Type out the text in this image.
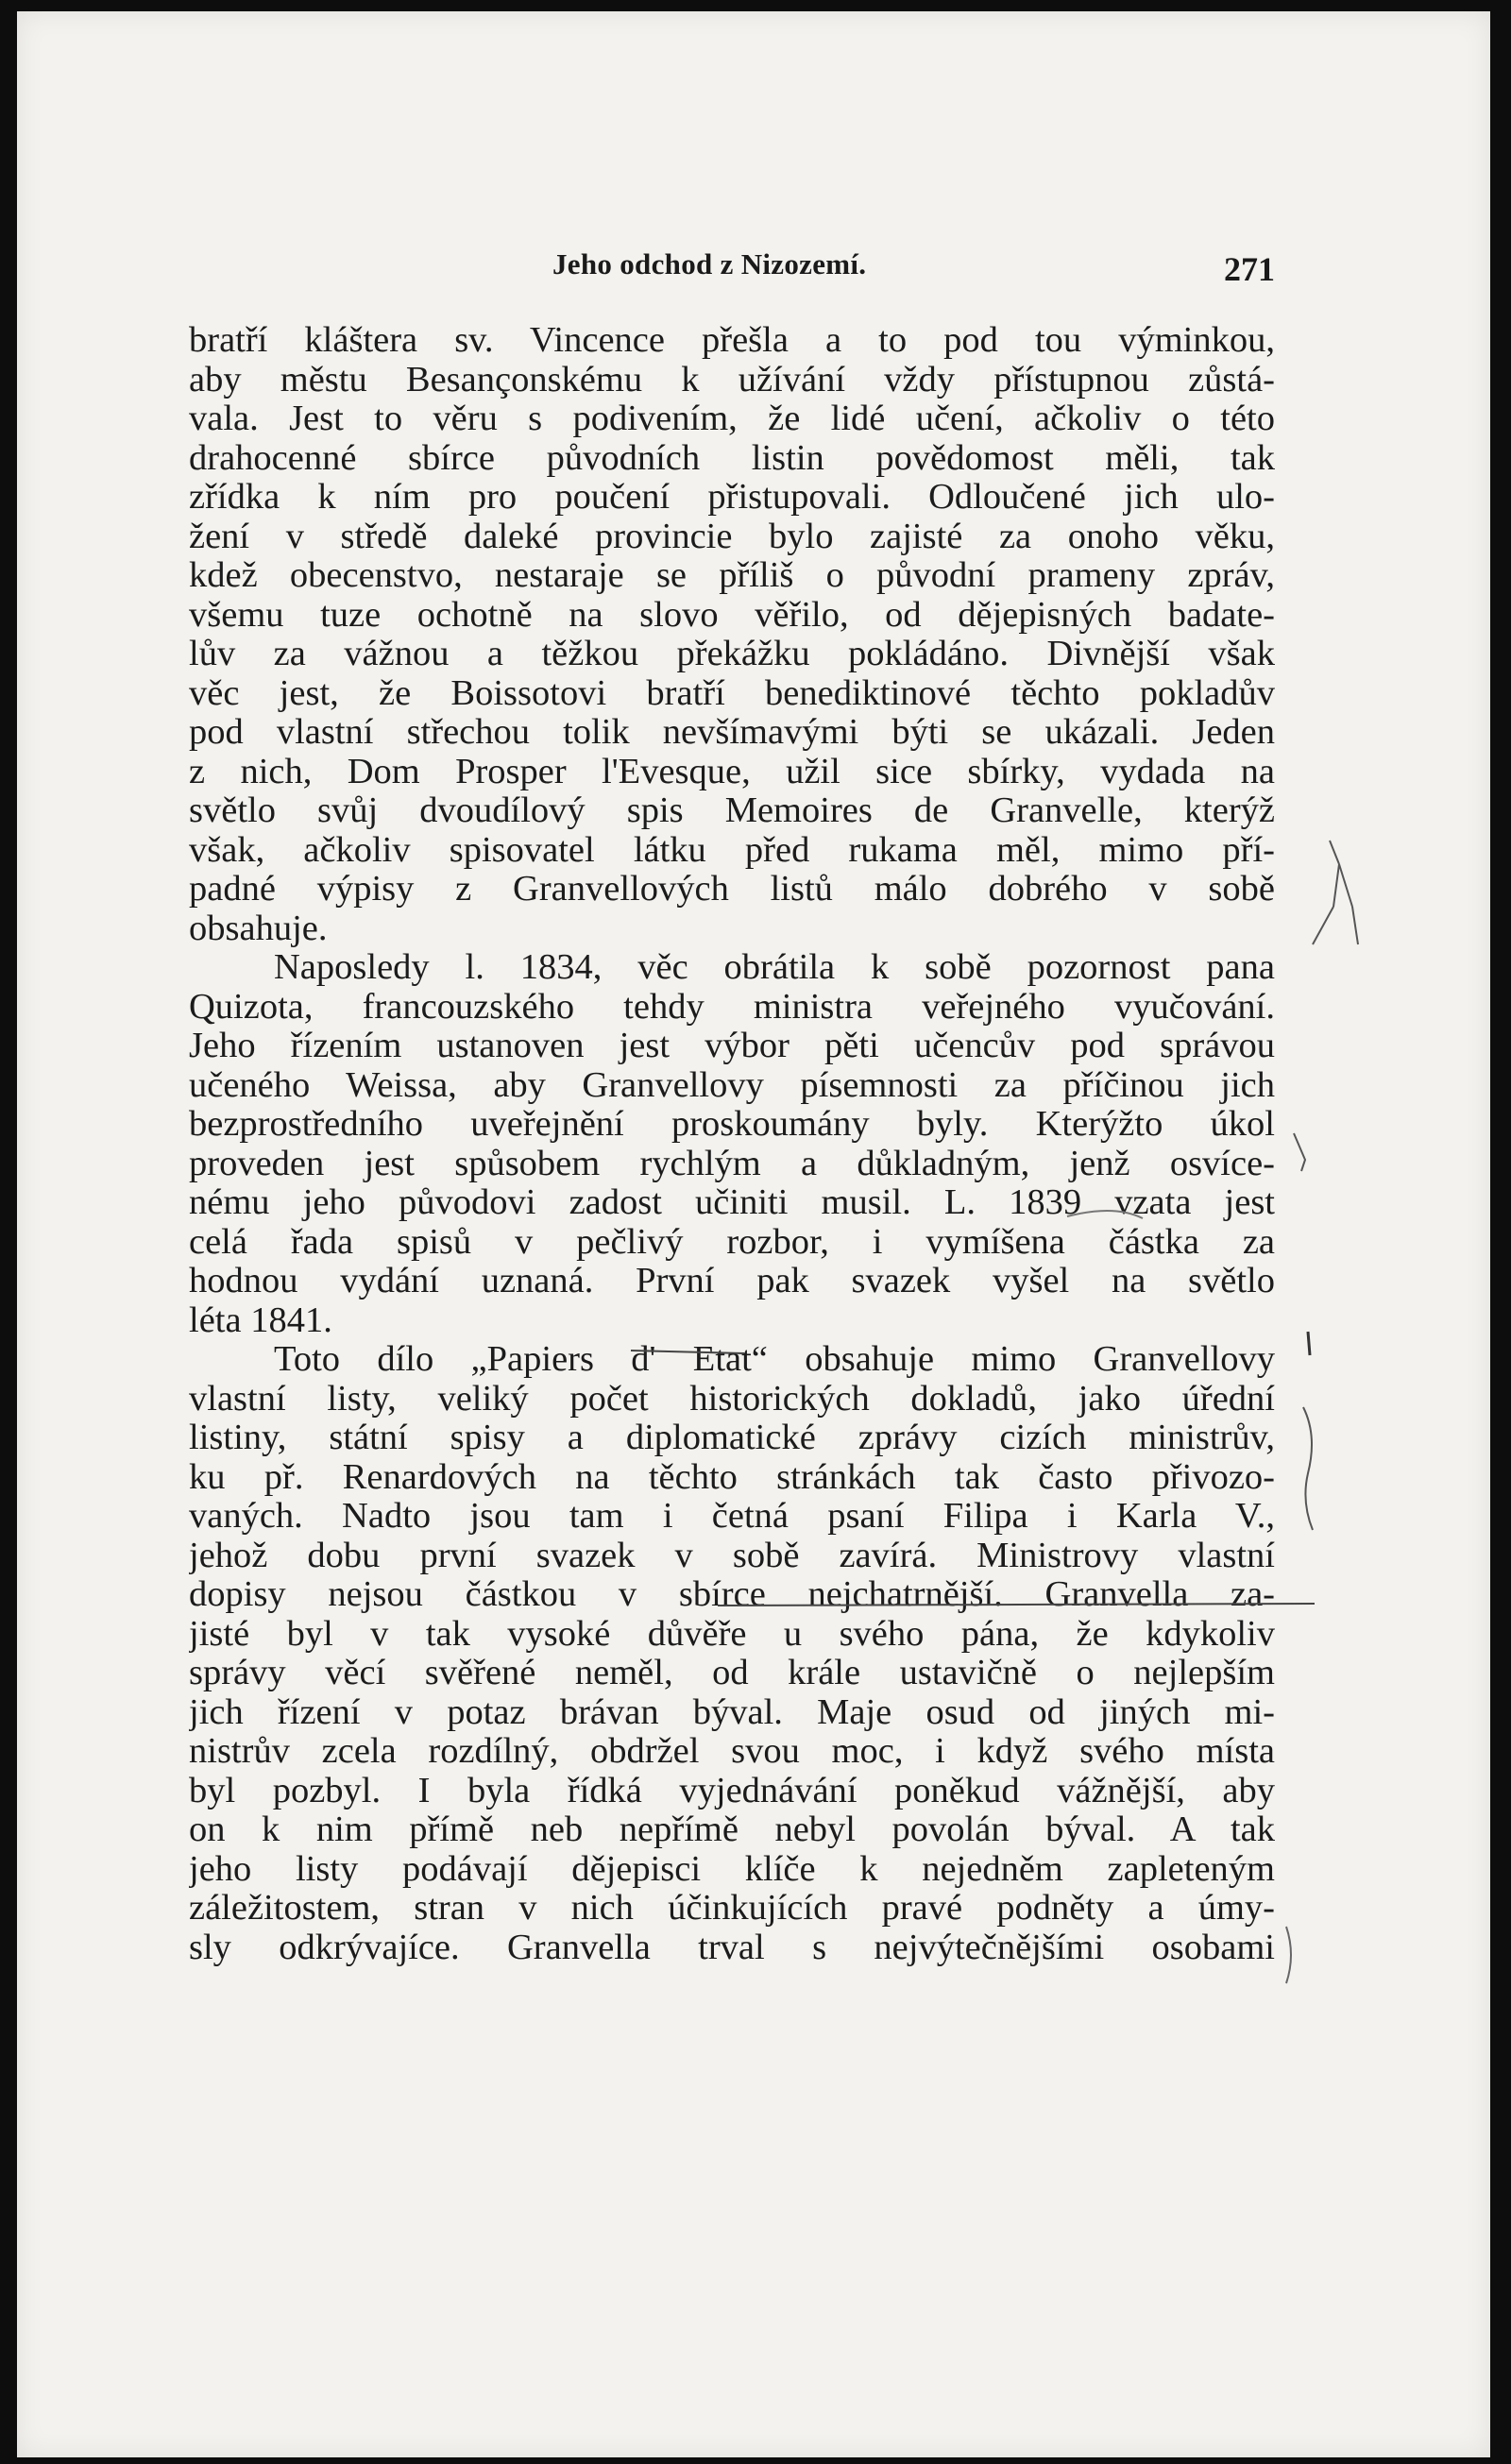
Jeho odchod z Nizozemí.	271
bratří kláštera sv. Vincence přešla a to pod tou výminkou,
aby městu Besançonskému k užívání vždy přístupnou zůstá-
vala. Jest to věru s podivením, že lidé učení, ačkoliv o této
drahocenné sbírce původních listin povědomost měli, tak
zřídka k ním pro poučení přistupovali. Odloučené jich ulo-
žení v středě daleké provincie bylo zajisté za onoho věku,
kdež obecenstvo, nestaraje se příliš o původní prameny zpráv,
všemu tuze ochotně na slovo věřilo, od dějepisných badate-
lův za vážnou a těžkou překážku pokládáno. Divnější však
věc jest, že Boissotovi bratří benediktinové těchto pokladův
pod vlastní střechou tolik nevšímavými býti se ukázali. Jeden
z nich, Dom Prosper l'Evesque, užil sice sbírky, vydada na
světlo svůj dvoudílový spis Memoires de Granvelle, kterýž
však, ačkoliv spisovatel látku před rukama měl, mimo pří-
padné výpisy z Granvellových listů málo dobrého v sobě
obsahuje.
Naposledy l. 1834, věc obrátila k sobě pozornost pana
Quizota, francouzského tehdy ministra veřejného vyučování.
Jeho řízením ustanoven jest výbor pěti učencův pod správou
učeného Weissa, aby Granvellovy písemnosti za příčinou jich
bezprostředního uveřejnění proskoumány byly. Kterýžto úkol
proveden jest spůsobem rychlým a důkladným, jenž osvíce-
nému jeho původovi zadost učiniti musil. L. 1839 vzata jest
celá řada spisů v pečlivý rozbor, i vymíšena částka za
hodnou vydání uznaná. První pak svazek vyšel na světlo
léta 1841.
Toto dílo „Papiers d' Etat“ obsahuje mimo Granvellovy
vlastní listy, veliký počet historických dokladů, jako úřední
listiny, státní spisy a diplomatické zprávy cizích ministrův,
ku př. Renardových na těchto stránkách tak často přivozo-
vaných. Nadto jsou tam i četná psaní Filipa i Karla V.,
jehož dobu první svazek v sobě zavírá. Ministrovy vlastní
dopisy nejsou částkou v sbírce nejchatrnější. Granvella za-
jisté byl v tak vysoké důvěře u svého pána, že kdykoliv
správy věcí svěřené neměl, od krále ustavičně o nejlepším
jich řízení v potaz brávan býval. Maje osud od jiných mi-
nistrův zcela rozdílný, obdržel svou moc, i když svého místa
byl pozbyl. I byla řídká vyjednávání poněkud vážnější, aby
on k nim přímě neb nepřímě nebyl povolán býval. A tak
jeho listy podávají dějepisci klíče k nejedněm zapleteným
záležitostem, stran v nich účinkujících pravé podněty a úmy-
sly odkrývajíce. Granvella trval s nejvýtečnějšími osobami
